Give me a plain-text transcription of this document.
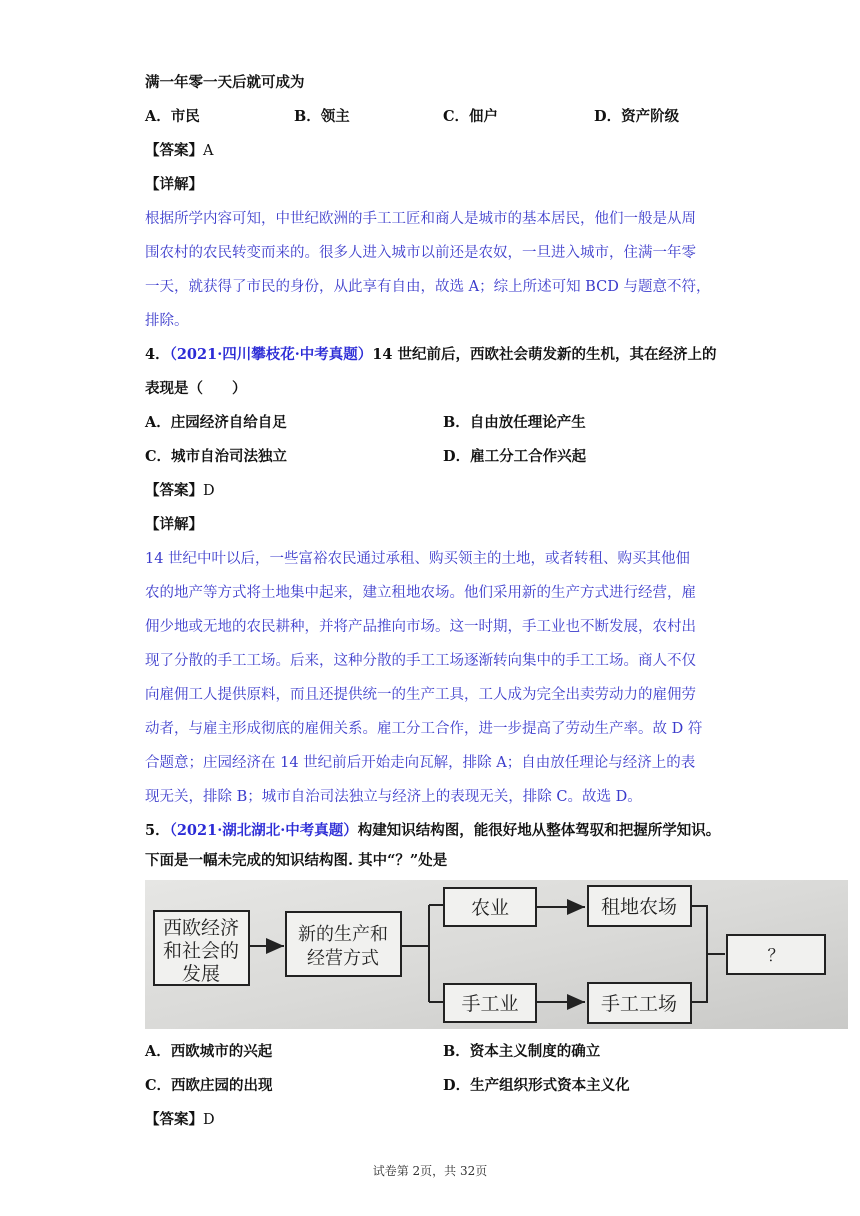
满一年零一天后就可成为
A．市民	B．领主	C．佃户	D．资产阶级
【答案】A
【详解】
根据所学内容可知，中世纪欧洲的手工工匠和商人是城市的基本居民，他们一般是从周
围农村的农民转变而来的。很多人进入城市以前还是农奴，一旦进入城市，住满一年零
一天，就获得了市民的身份，从此享有自由，故选 A；综上所述可知 BCD 与题意不符，
排除。
4．（2021·四川攀枝花·中考真题）14 世纪前后，西欧社会萌发新的生机，其在经济上的
表现是（　　）
A．庄园经济自给自足	B．自由放任理论产生
C．城市自治司法独立	D．雇工分工合作兴起
【答案】D
【详解】
14 世纪中叶以后，一些富裕农民通过承租、购买领主的土地，或者转租、购买其他佃
农的地产等方式将土地集中起来，建立租地农场。他们采用新的生产方式进行经营，雇
佣少地或无地的农民耕种，并将产品推向市场。这一时期，手工业也不断发展，农村出
现了分散的手工工场。后来，这种分散的手工工场逐渐转向集中的手工工场。商人不仅
向雇佣工人提供原料，而且还提供统一的生产工具，工人成为完全出卖劳动力的雇佣劳
动者，与雇主形成彻底的雇佣关系。雇工分工合作，进一步提高了劳动生产率。故 D 符
合题意；庄园经济在 14 世纪前后开始走向瓦解，排除 A；自由放任理论与经济上的表
现无关，排除 B；城市自治司法独立与经济上的表现无关，排除 C。故选 D。
5．（2021·湖北湖北·中考真题）构建知识结构图，能很好地从整体驾驭和把握所学知识。
下面是一幅未完成的知识结构图. 其中“？”处是
西欧经济
和社会的
发展
新的生产和
经营方式
农业	租地农场
手工业	手工工场
？
A．西欧城市的兴起	B．资本主义制度的确立
C．西欧庄园的出现	D．生产组织形式资本主义化
【答案】D
试卷第 2页，共 32页
